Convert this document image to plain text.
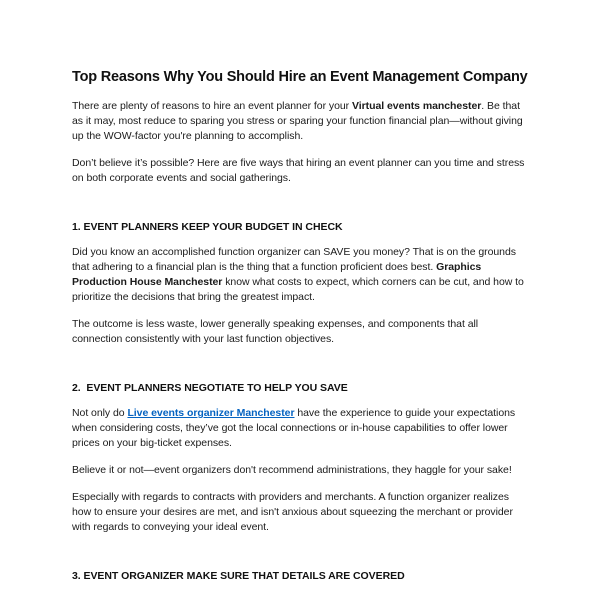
Top Reasons Why You Should Hire an Event Management Company

There are plenty of reasons to hire an event planner for your Virtual events manchester. Be that as it may, most reduce to sparing you stress or sparing your function financial plan—without giving up the WOW-factor you're planning to accomplish.

Don’t believe it’s possible? Here are five ways that hiring an event planner can you time and stress on both corporate events and social gatherings.

1. EVENT PLANNERS KEEP YOUR BUDGET IN CHECK

Did you know an accomplished function organizer can SAVE you money? That is on the grounds that adhering to a financial plan is the thing that a function proficient does best. Graphics Production House Manchester know what costs to expect, which corners can be cut, and how to prioritize the decisions that bring the greatest impact.

The outcome is less waste, lower generally speaking expenses, and components that all connection consistently with your last function objectives.

2.  EVENT PLANNERS NEGOTIATE TO HELP YOU SAVE

Not only do Live events organizer Manchester have the experience to guide your expectations when considering costs, they’ve got the local connections or in-house capabilities to offer lower prices on your big-ticket expenses.

Believe it or not—event organizers don't recommend administrations, they haggle for your sake!

Especially with regards to contracts with providers and merchants. A function organizer realizes how to ensure your desires are met, and isn't anxious about squeezing the merchant or provider with regards to conveying your ideal event.

3. EVENT ORGANIZER MAKE SURE THAT DETAILS ARE COVERED
